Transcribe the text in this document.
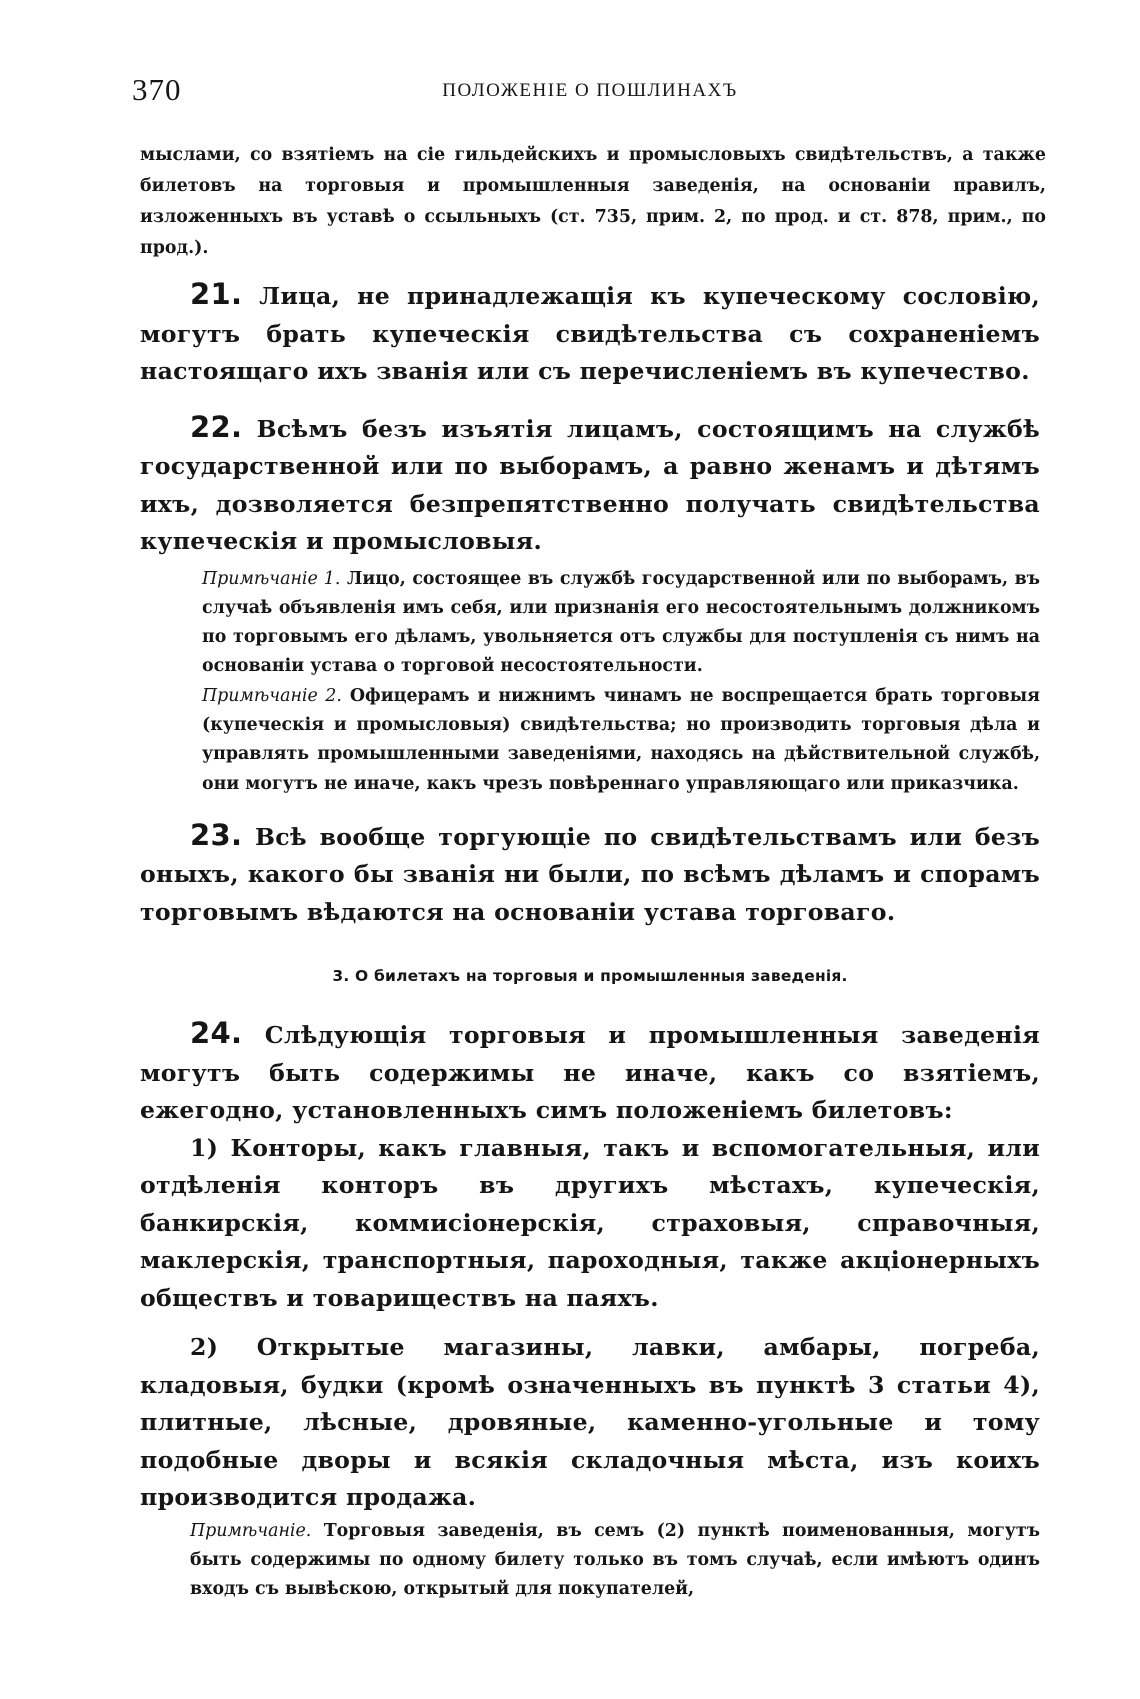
370	ПОЛОЖЕНІЕ О ПОШЛИНАХЪ

мыслами, со взятіемъ на сіе гильдейскихъ и промысловыхъ свидѣтельствъ, а также билетовъ на торговыя и промышленныя заведенія, на основаніи правилъ, изложенныхъ въ уставѣ о ссыльныхъ (ст. 735, прим. 2, по прод. и ст. 878, прим., по прод.).

21. Лица, не принадлежащія къ купеческому сословію, могутъ брать купеческія свидѣтельства съ сохраненіемъ настоящаго ихъ званія или съ перечисленіемъ въ купечество.

22. Всѣмъ безъ изъятія лицамъ, состоящимъ на службѣ государственной или по выборамъ, а равно женамъ и дѣтямъ ихъ, дозволяется безпрепятственно получать свидѣтельства купеческія и промысловыя.

Примѣчаніе 1. Лицо, состоящее въ службѣ государственной или по выборамъ, въ случаѣ объявленія имъ себя, или признанія его несостоятельнымъ должникомъ по торговымъ его дѣламъ, увольняется отъ службы для поступленія съ нимъ на основаніи устава о торговой несостоятельности.

Примѣчаніе 2. Офицерамъ и нижнимъ чинамъ не воспрещается брать торговыя (купеческія и промысловыя) свидѣтельства; но производить торговыя дѣла и управлять промышленными заведеніями, находясь на дѣйствительной службѣ, они могутъ не иначе, какъ чрезъ повѣреннаго управляющаго или приказчика.

23. Всѣ вообще торгующіе по свидѣтельствамъ или безъ оныхъ, какого бы званія ни были, по всѣмъ дѣламъ и спорамъ торговымъ вѣдаются на основаніи устава торговаго.

3. О билетахъ на торговыя и промышленныя заведенія.

24. Слѣдующія торговыя и промышленныя заведенія могутъ быть содержимы не иначе, какъ со взятіемъ, ежегодно, установленныхъ симъ положеніемъ билетовъ:

1) Конторы, какъ главныя, такъ и вспомогательныя, или отдѣленія конторъ въ другихъ мѣстахъ, купеческія, банкирскія, коммисіонерскія, страховыя, справочныя, маклерскія, транспортныя, пароходныя, также акціонерныхъ обществъ и товариществъ на паяхъ.

2) Открытые магазины, лавки, амбары, погреба, кладовыя, будки (кромѣ означенныхъ въ пунктѣ 3 статьи 4), плитные, лѣсные, дровяные, каменно-угольные и тому подобные дворы и всякія складочныя мѣста, изъ коихъ производится продажа.

Примѣчаніе. Торговыя заведенія, въ семъ (2) пунктѣ поименованныя, могутъ быть содержимы по одному билету только въ томъ случаѣ, если имѣютъ одинъ входъ съ вывѣскою, открытый для покупателей,
